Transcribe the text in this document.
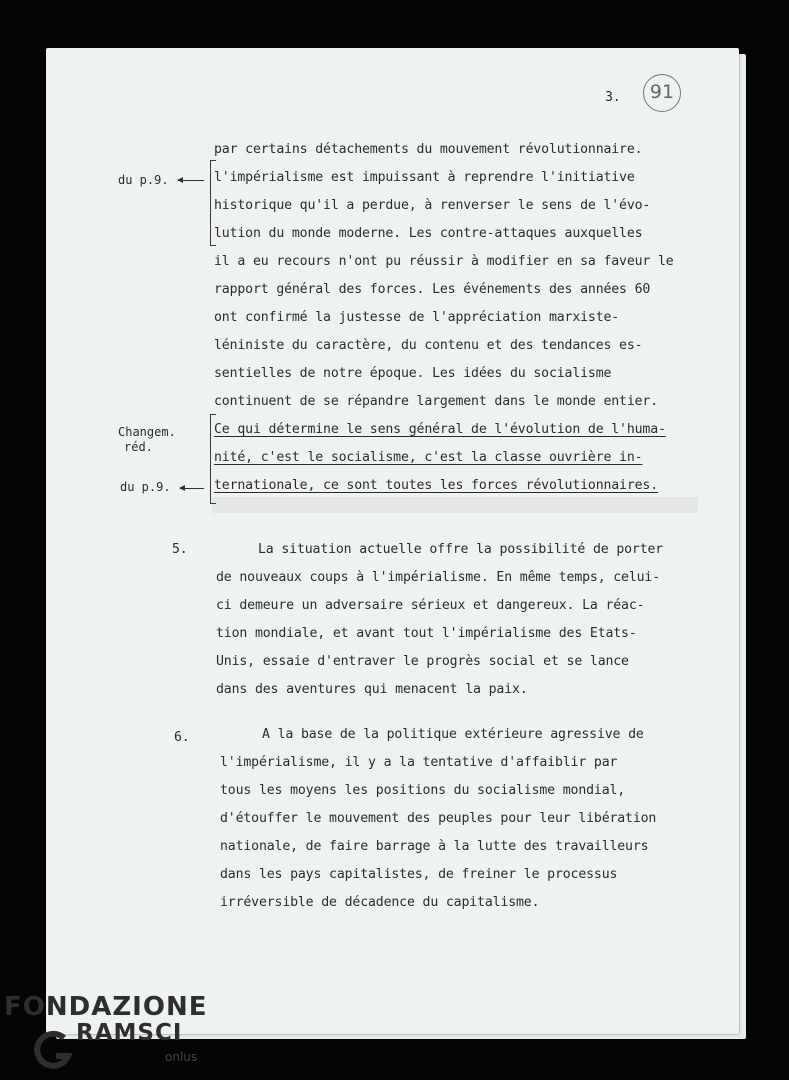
3.	91
du p.9.
Changem.
réd.
du p.9.
par certains détachements du mouvement révolutionnaire.
l'impérialisme est impuissant à reprendre l'initiative
historique qu'il a perdue, à renverser le sens de l'évo-
lution du monde moderne. Les contre-attaques auxquelles
il a eu recours n'ont pu réussir à modifier en sa faveur le
rapport général des forces. Les événements des années 60
ont confirmé la justesse de l'appréciation marxiste-
léniniste du caractère, du contenu et des tendances es-
sentielles de notre époque. Les idées du socialisme
continuent de se répandre largement dans le monde entier.
Ce qui détermine le sens général de l'évolution de l'huma-
nité, c'est le socialisme, c'est la classe ouvrière in-
ternationale, ce sont toutes les forces révolutionnaires.
5.	La situation actuelle offre la possibilité de porter
de nouveaux coups à l'impérialisme. En même temps, celui-
ci demeure un adversaire sérieux et dangereux. La réac-
tion mondiale, et avant tout l'impérialisme des Etats-
Unis, essaie d'entraver le progrès social et se lance
dans des aventures qui menacent la paix.
6.	A la base de la politique extérieure agressive de
l'impérialisme, il y a la tentative d'affaiblir par
tous les moyens les positions du socialisme mondial,
d'étouffer le mouvement des peuples pour leur libération
nationale, de faire barrage à la lutte des travailleurs
dans les pays capitalistes, de freiner le processus
irréversible de décadence du capitalisme.
FONDAZIONE
RAMSCI
onlus
